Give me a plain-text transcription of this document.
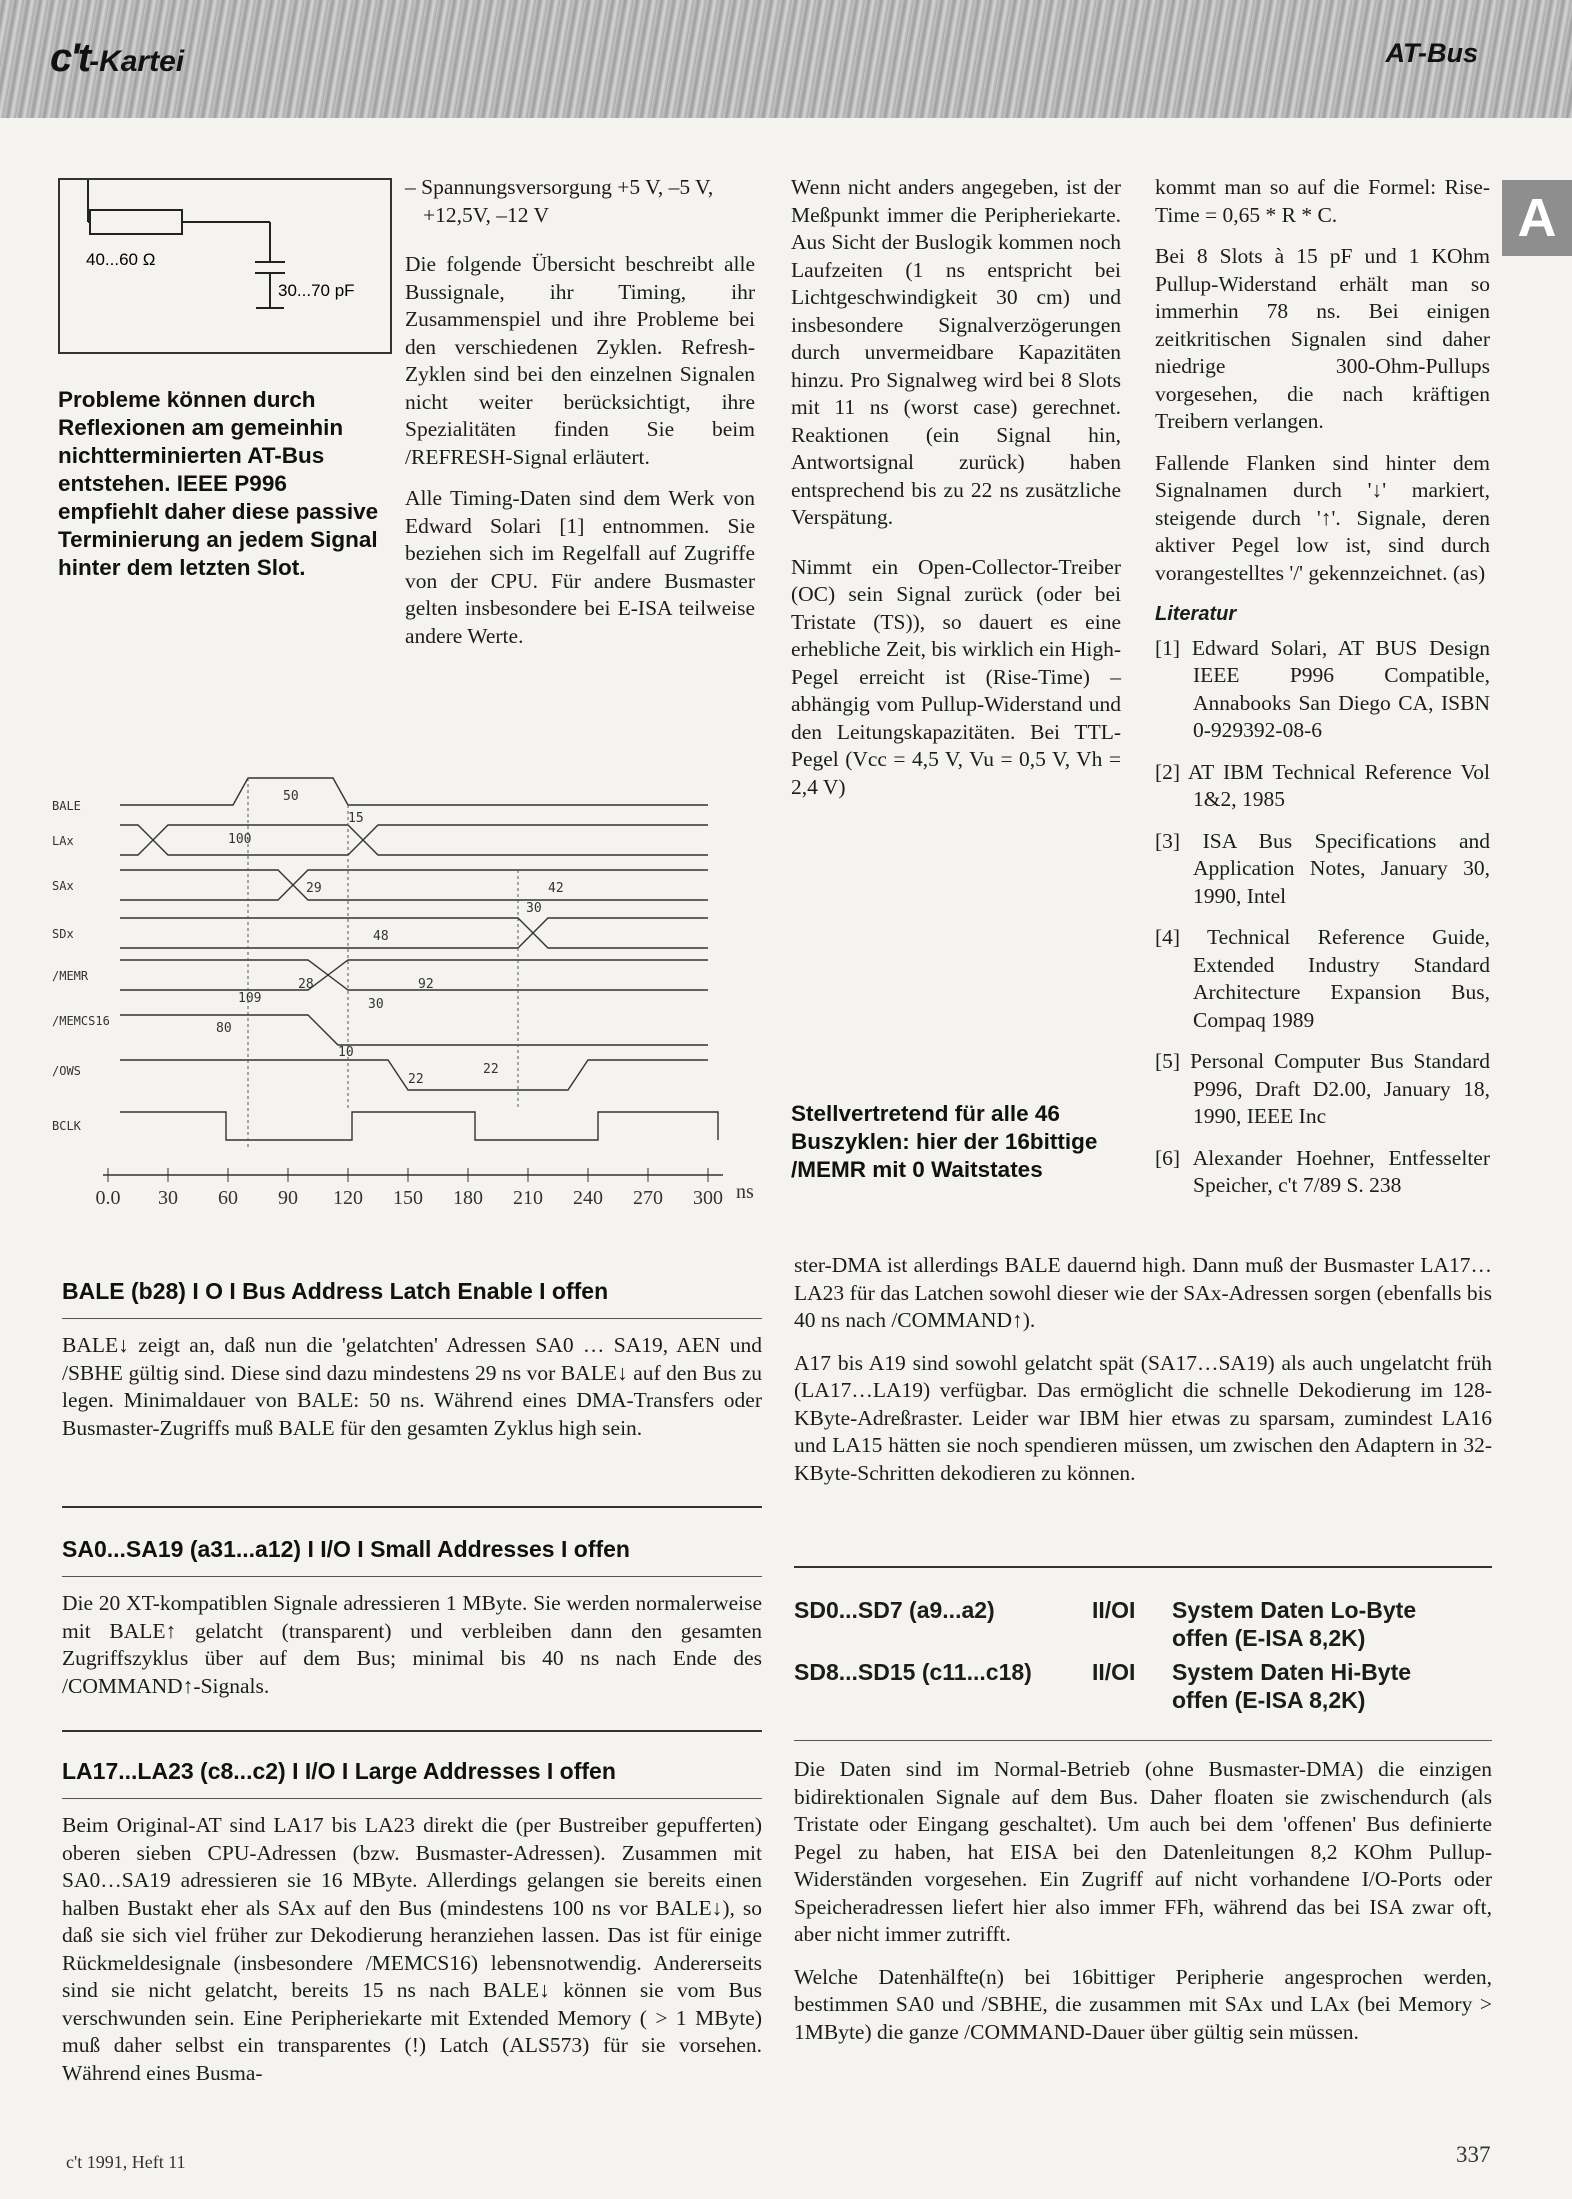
c't-Kartei	AT-Bus
A
40...60 Ω
30...70 pF
Probleme können durch Reflexionen am gemeinhin nichtterminierten AT-Bus entstehen. IEEE P996 empfiehlt daher diese passive Terminierung an jedem Signal hinter dem letzten Slot.

– Spannungsversorgung +5 V, –5 V, +12,5V, –12 V

Die folgende Übersicht beschreibt alle Bussignale, ihr Timing, ihr Zusammenspiel und ihre Probleme bei den verschiedenen Zyklen. Refresh-Zyklen sind bei den einzelnen Signalen nicht weiter berücksichtigt, ihre Spezialitäten finden Sie beim /REFRESH-Signal erläutert.

Alle Timing-Daten sind dem Werk von Edward Solari [1] entnommen. Sie beziehen sich im Regelfall auf Zugriffe von der CPU. Für andere Busmaster gelten insbesondere bei E-ISA teilweise andere Werte.

Wenn nicht anders angegeben, ist der Meßpunkt immer die Peripheriekarte. Aus Sicht der Buslogik kommen noch Laufzeiten (1 ns entspricht bei Lichtgeschwindigkeit 30 cm) und insbesondere Signalverzögerungen durch unvermeidbare Kapazitäten hinzu. Pro Signalweg wird bei 8 Slots mit 11 ns (worst case) gerechnet. Reaktionen (ein Signal hin, Antwortsignal zurück) haben entsprechend bis zu 22 ns zusätzliche Verspätung.

Nimmt ein Open-Collector-Treiber (OC) sein Signal zurück (oder bei Tristate (TS)), so dauert es eine erhebliche Zeit, bis wirklich ein High-Pegel erreicht ist (Rise-Time) – abhängig vom Pullup-Widerstand und den Leitungskapazitäten. Bei TTL-Pegel (Vcc = 4,5 V, Vu = 0,5 V, Vh = 2,4 V)

Stellvertretend für alle 46 Buszyklen: hier der 16bittige /MEMR mit 0 Waitstates

kommt man so auf die Formel: Rise-Time = 0,65 * R * C.

Bei 8 Slots à 15 pF und 1 KOhm Pullup-Widerstand erhält man so immerhin 78 ns. Bei einigen zeitkritischen Signalen sind daher niedrige 300-Ohm-Pullups vorgesehen, die nach kräftigen Treibern verlangen.

Fallende Flanken sind hinter dem Signalnamen durch '↓' markiert, steigende durch '↑'. Signale, deren aktiver Pegel low ist, sind durch vorangestelltes '/' gekennzeichnet. (as)

Literatur

[1] Edward Solari, AT BUS Design IEEE P996 Compatible, Annabooks San Diego CA, ISBN 0-929392-08-6

[2] AT IBM Technical Reference Vol 1&2, 1985

[3] ISA Bus Specifications and Application Notes, January 30, 1990, Intel

[4] Technical Reference Guide, Extended Industry Standard Architecture Expansion Bus, Compaq 1989

[5] Personal Computer Bus Standard P996, Draft D2.00, January 18, 1990, IEEE Inc

[6] Alexander Hoehner, Entfesselter Speicher, c't 7/89 S. 238

BALE
LAx
SAx
SDx
/MEMR
/MEMCS16
/OWS
BCLK
50
15
100
29	42
30
48
28	92
109	30
80
10
22
22
0.0 30 60 90 120 150 180 210 240 270 300 ns
BALE (b28) I O I Bus Address Latch Enable I offen
BALE↓ zeigt an, daß nun die 'gelatchten' Adressen SA0 … SA19, AEN und /SBHE gültig sind. Diese sind dazu mindestens 29 ns vor BALE↓ auf den Bus zu legen. Minimaldauer von BALE: 50 ns. Während eines DMA-Transfers oder Busmaster-Zugriffs muß BALE für den gesamten Zyklus high sein.
SA0...SA19 (a31...a12) I I/O I Small Addresses I offen
Die 20 XT-kompatiblen Signale adressieren 1 MByte. Sie werden normalerweise mit BALE↑ gelatcht (transparent) und verbleiben dann den gesamten Zugriffszyklus über auf dem Bus; minimal bis 40 ns nach Ende des /COMMAND↑-Signals.
LA17...LA23 (c8...c2) I I/O I Large Addresses I offen
Beim Original-AT sind LA17 bis LA23 direkt die (per Bustreiber gepufferten) oberen sieben CPU-Adressen (bzw. Busmaster-Adressen). Zusammen mit SA0…SA19 adressieren sie 16 MByte. Allerdings gelangen sie bereits einen halben Bustakt eher als SAx auf den Bus (mindestens 100 ns vor BALE↓), so daß sie sich viel früher zur Dekodierung heranziehen lassen. Das ist für einige Rückmeldesignale (insbesondere /MEMCS16) lebensnotwendig. Andererseits sind sie nicht gelatcht, bereits 15 ns nach BALE↓ können sie vom Bus verschwunden sein. Eine Peripheriekarte mit Extended Memory ( > 1 MByte) muß daher selbst ein transparentes (!) Latch (ALS573) für sie vorsehen. Während eines Busma-

ster-DMA ist allerdings BALE dauernd high. Dann muß der Busmaster LA17…LA23 für das Latchen sowohl dieser wie der SAx-Adressen sorgen (ebenfalls bis 40 ns nach /COMMAND↑).

A17 bis A19 sind sowohl gelatcht spät (SA17…SA19) als auch ungelatcht früh (LA17…LA19) verfügbar. Das ermöglicht die schnelle Dekodierung im 128-KByte-Adreßraster. Leider war IBM hier etwas zu sparsam, zumindest LA16 und LA15 hätten sie noch spendieren müssen, um zwischen den Adaptern in 32-KByte-Schritten dekodieren zu können.

SD0...SD7 (a9...a2)	II/OI System Daten Lo-Byte
offen (E-ISA 8,2K)
SD8...SD15 (c11...c18)	II/OI System Daten Hi-Byte
offen (E-ISA 8,2K)

Die Daten sind im Normal-Betrieb (ohne Busmaster-DMA) die einzigen bidirektionalen Signale auf dem Bus. Daher floaten sie zwischendurch (als Tristate oder Eingang geschaltet). Um auch bei dem 'offenen' Bus definierte Pegel zu haben, hat EISA bei den Datenleitungen 8,2 KOhm Pullup-Widerständen vorgesehen. Ein Zugriff auf nicht vorhandene I/O-Ports oder Speicheradressen liefert hier also immer FFh, während das bei ISA zwar oft, aber nicht immer zutrifft.

Welche Datenhälfte(n) bei 16bittiger Peripherie angesprochen werden, bestimmen SA0 und /SBHE, die zusammen mit SAx und LAx (bei Memory > 1MByte) die ganze /COMMAND-Dauer über gültig sein müssen.

c't 1991, Heft 11	337
